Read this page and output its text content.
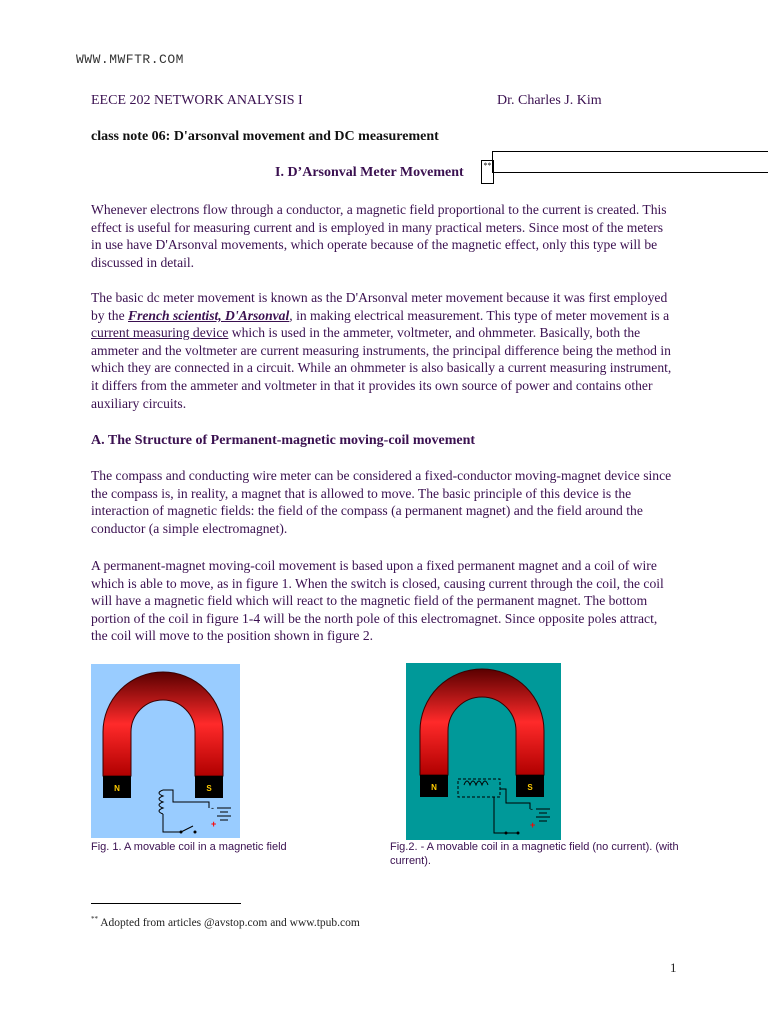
WWW.MWFTR.COM
EECE 202 NETWORK ANALYSIS I	Dr. Charles J. Kim
class note 06: D'arsonval movement and DC measurement
I. D’Arsonval Meter Movement	**

Whenever electrons flow through a conductor, a magnetic field proportional to the current is created. This effect is useful for measuring current and is employed in many practical meters. Since most of the meters in use have D'Arsonval movements, which operate because of the magnetic effect, only this type will be discussed in detail.

The basic dc meter movement is known as the D'Arsonval meter movement because it was first employed by the French scientist, D'Arsonval, in making electrical measurement. This type of meter movement is a current measuring device which is used in the ammeter, voltmeter, and ohmmeter. Basically, both the ammeter and the voltmeter are current measuring instruments, the principal difference being the method in which they are connected in a circuit. While an ohmmeter is also basically a current measuring instrument, it differs from the ammeter and voltmeter in that it provides its own source of power and contains other auxiliary circuits.

A. The Structure of Permanent-magnetic moving-coil movement

The compass and conducting wire meter can be considered a fixed-conductor moving-magnet device since the compass is, in reality, a magnet that is allowed to move. The basic principle of this device is the interaction of magnetic fields: the field of the compass (a permanent magnet) and the field around the conductor (a simple electromagnet).

A permanent-magnet moving-coil movement is based upon a fixed permanent magnet and a coil of wire which is able to move, as in figure 1. When the switch is closed, causing current through the coil, the coil will have a magnetic field which will react to the magnetic field of the permanent magnet. The bottom portion of the coil in figure 1-4 will be the north pole of this electromagnet. Since opposite poles attract, the coil will move to the position shown in figure 2.

N	S
-
+
Fig. 1. A movable coil in a magnetic field
N	S
-
+
Fig.2. - A movable coil in a magnetic field (no current). (with current).
** Adopted from articles @avstop.com and www.tpub.com
1
